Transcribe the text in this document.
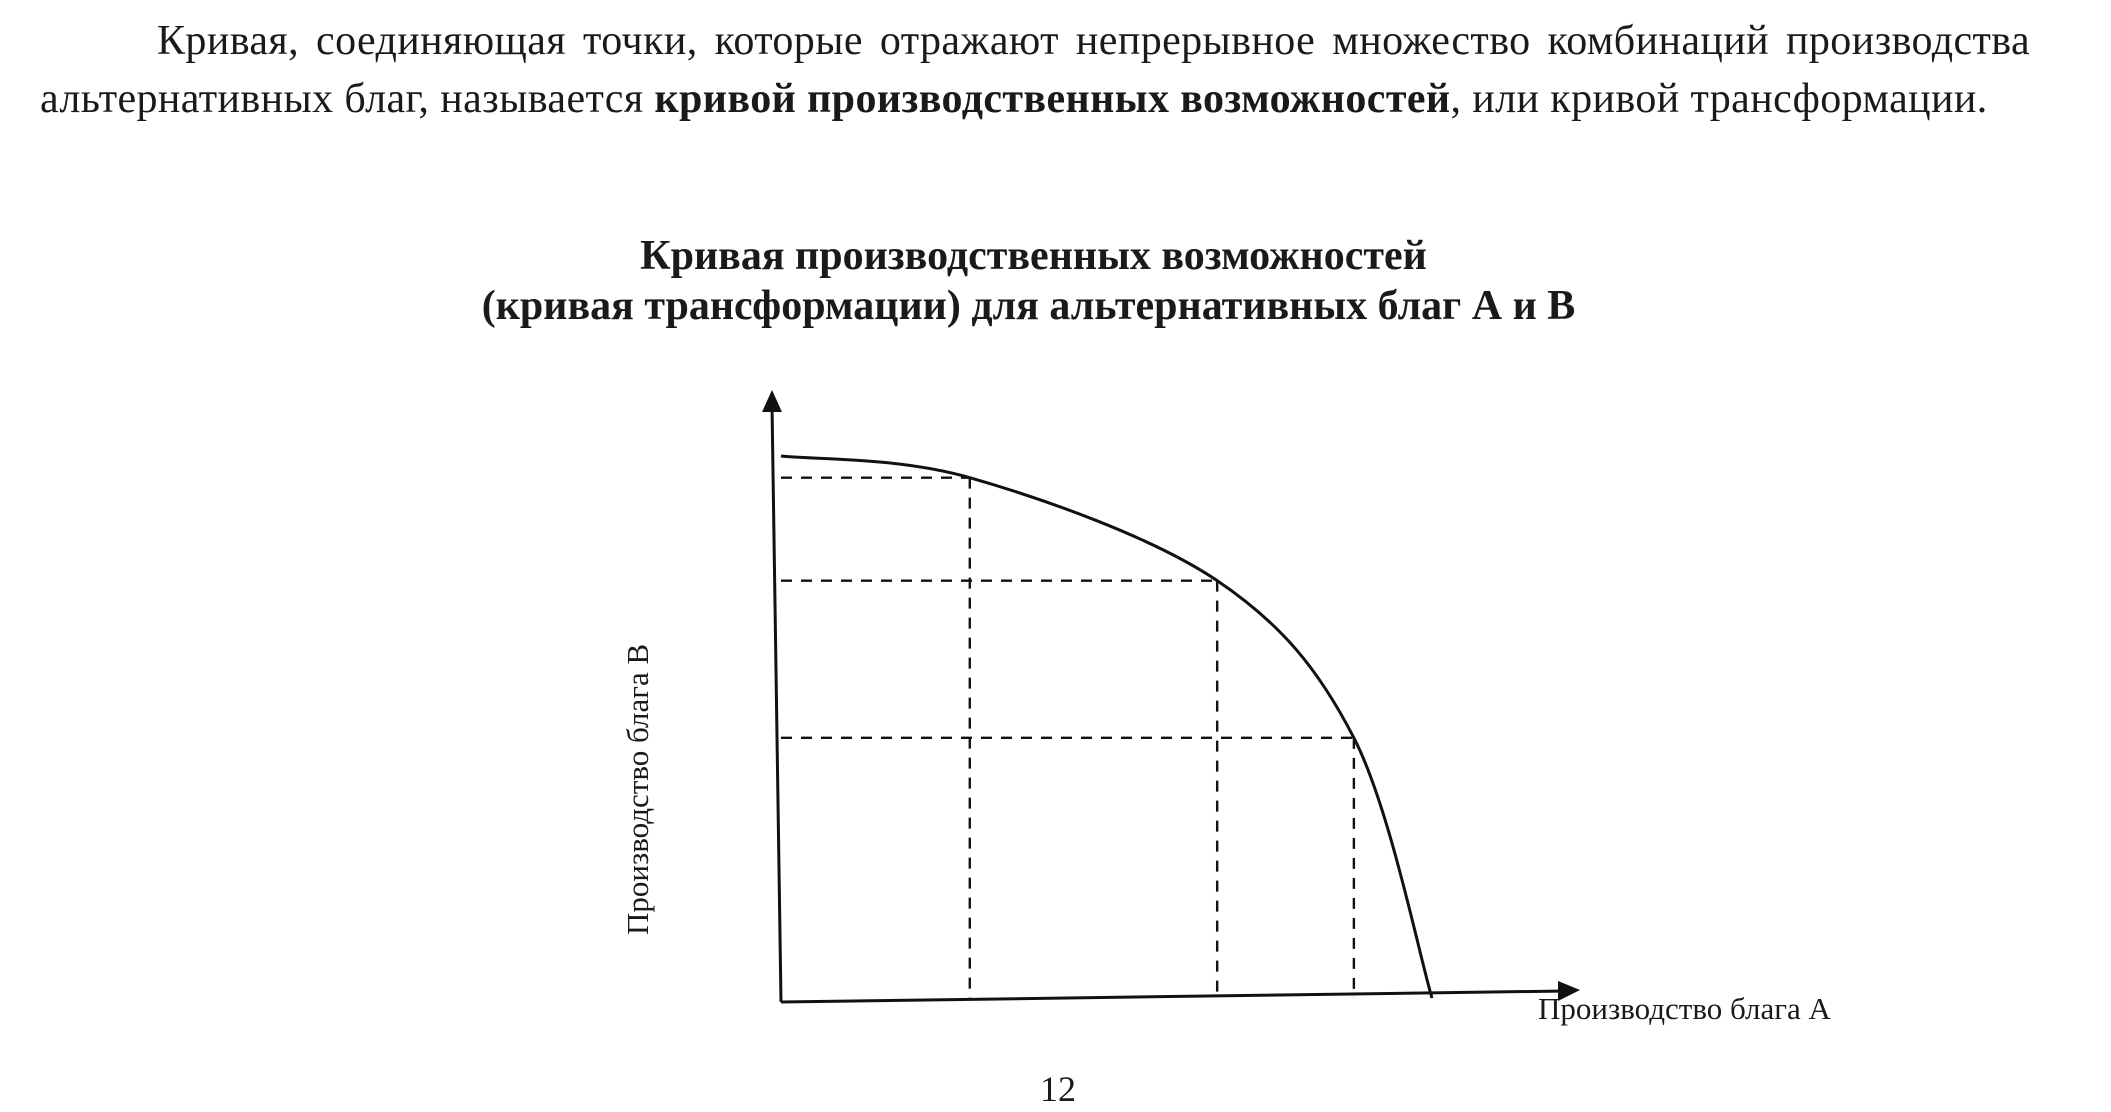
Кривая, соединяющая точки, которые отражают непрерывное множество комбинаций производства альтернативных благ, называется кривой производственных возможностей, или кривой трансформации.

Кривая производственных возможностей
(кривая трансформации) для альтернативных благ А и В
Производство блага А
Производство блага В
12
